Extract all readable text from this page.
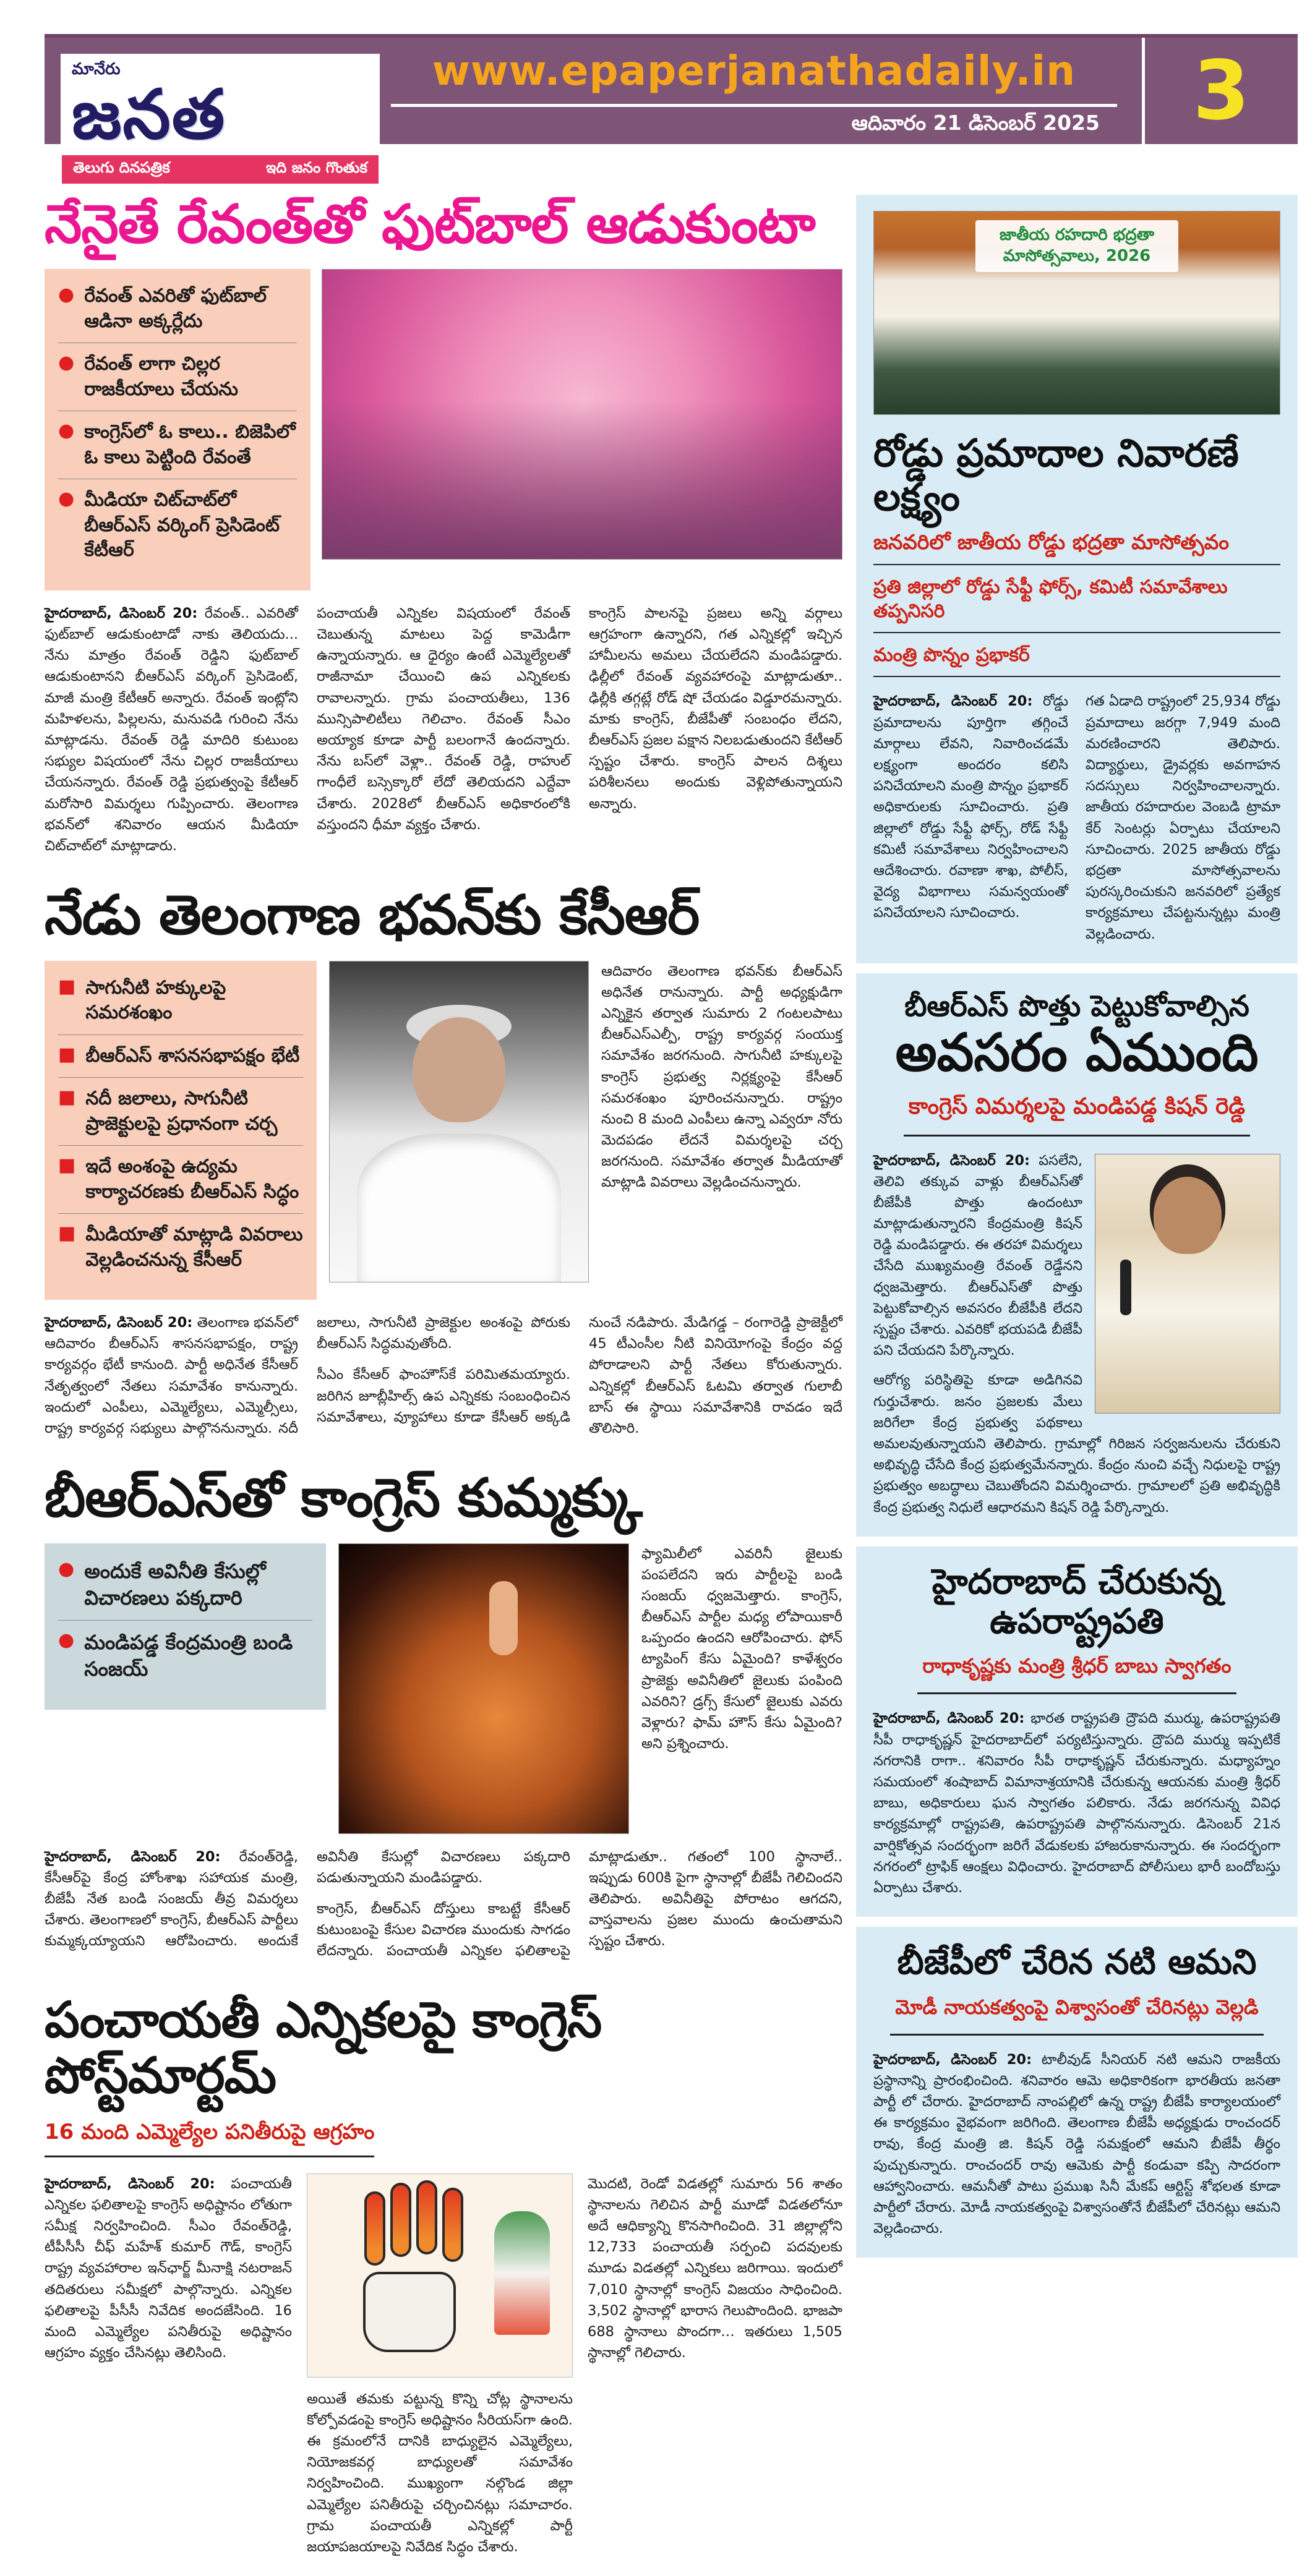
మానేరు
జనత
తెలుగు దినపత్రిక	ఇది జనం గొంతుక
www.epaperjanathadaily.in
ఆదివారం 21 డిసెంబర్ 2025 3
నేనైతే రేవంత్‌తో ఫుట్‌బాల్ ఆడుకుంటా
● రేవంత్ ఎవరితో ఫుట్‌బాల్ ఆడినా అక్కర్లేదు
● రేవంత్ లాగా చిల్లర రాజకీయాలు చేయను
● కాంగ్రెస్‌లో ఓ కాలు.. బిజెపిలో ఓ కాలు పెట్టింది రేవంతే
● మీడియా చిట్‌చాట్‌లో బీఆర్‌ఎస్ వర్కింగ్ ప్రెసిడెంట్ కేటీఆర్

హైదరాబాద్, డిసెంబర్ 20: రేవంత్.. ఎవరితో ఫుట్‌బాల్ ఆడుకుంటాడో నాకు తెలియదు... నేను మాత్రం రేవంత్ రెడ్డిని ఫుట్‌బాల్ ఆడుకుంటానని బీఆర్‌ఎస్ వర్కింగ్ ప్రెసిడెంట్, మాజీ మంత్రి కేటీఆర్ అన్నారు. రేవంత్ ఇంట్లోని మహిళలను, పిల్లలను, మనువడి గురించి నేను మాట్లాడను. రేవంత్ రెడ్డి మాదిరి కుటుంబ సభ్యుల విషయంలో నేను చిల్లర రాజకీయాలు చేయనన్నారు. రేవంత్ రెడ్డి ప్రభుత్వంపై కేటీఆర్ మరోసారి విమర్శలు గుప్పించారు. తెలంగాణ భవన్‌లో శనివారం ఆయన మీడియా చిట్‌చాట్‌లో మాట్లాడారు.

పంచాయతీ ఎన్నికల విషయంలో రేవంత్ చెబుతున్న మాటలు పెద్ద కామెడీగా ఉన్నాయన్నారు. ఆ ధైర్యం ఉంటే ఎమ్మెల్యేలతో రాజీనామా చేయించి ఉప ఎన్నికలకు రావాలన్నారు. గ్రామ పంచాయతీలు, 136 మున్సిపాలిటీలు గెలిచాం. రేవంత్ సీఎం అయ్యాక కూడా పార్టీ బలంగానే ఉందన్నారు. నేను బస్‌లో వెళ్లా.. రేవంత్ రెడ్డి, రాహుల్ గాంధీలే బస్సెక్కారో లేదో తెలియదని ఎద్దేవా చేశారు. 2028లో బీఆర్‌ఎస్ అధికారంలోకి వస్తుందని ధీమా వ్యక్తం చేశారు.

కాంగ్రెస్ పాలనపై ప్రజలు అన్ని వర్గాలు ఆగ్రహంగా ఉన్నారని, గత ఎన్నికల్లో ఇచ్చిన హామీలను అమలు చేయలేదని మండిపడ్డారు. ఢిల్లీలో రేవంత్ వ్యవహారంపై మాట్లాడుతూ.. ఢిల్లీకి తగ్గట్లే రోడ్ షో చేయడం విడ్డూరమన్నారు. మాకు కాంగ్రెస్, బీజేపీతో సంబంధం లేదని, బీఆర్‌ఎస్ ప్రజల పక్షాన నిలబడుతుందని కేటీఆర్ స్పష్టం చేశారు. కాంగ్రెస్ పాలన దిశ్శలు పరిశీలనలు అందుకు వెళ్లిపోతున్నాయని అన్నారు.

నేడు తెలంగాణ భవన్‌కు కేసీఆర్
■ సాగునీటి హక్కులపై సమరశంఖం
■ బీఆర్‌ఎస్ శాసనసభాపక్షం భేటీ
■ నదీ జలాలు, సాగునీటి ప్రాజెక్టులపై ప్రధానంగా చర్చ
■ ఇదే అంశంపై ఉద్యమ కార్యాచరణకు బీఆర్‌ఎస్ సిద్ధం
■ మీడియాతో మాట్లాడి వివరాలు వెల్లడించనున్న కేసీఆర్

ఆదివారం తెలంగాణ భవన్‌కు బీఆర్‌ఎస్ అధినేత రానున్నారు. పార్టీ అధ్యక్షుడిగా ఎన్నికైన తర్వాత సుమారు 2 గంటలపాటు బీఆర్‌ఎస్ఎల్పీ, రాష్ట్ర కార్యవర్గ సంయుక్త సమావేశం జరగనుంది. సాగునీటి హక్కులపై కాంగ్రెస్ ప్రభుత్వ నిర్లక్ష్యంపై కేసీఆర్ సమరశంఖం పూరించనున్నారు. రాష్ట్రం నుంచి 8 మంది ఎంపీలు ఉన్నా ఎవ్వరూ నోరు మెదపడం లేదనే విమర్శలపై చర్చ జరగనుంది. సమావేశం తర్వాత మీడియాతో మాట్లాడి వివరాలు వెల్లడించనున్నారు.

హైదరాబాద్, డిసెంబర్ 20: తెలంగాణ భవన్‌లో ఆదివారం బీఆర్‌ఎస్ శాసనసభాపక్షం, రాష్ట్ర కార్యవర్గం భేటీ కానుంది. పార్టీ అధినేత కేసీఆర్ నేతృత్వంలో నేతలు సమావేశం కానున్నారు. ఇందులో ఎంపీలు, ఎమ్మెల్యేలు, ఎమ్మెల్సీలు, రాష్ట్ర కార్యవర్గ సభ్యులు పాల్గొననున్నారు. నదీ జలాలు, సాగునీటి ప్రాజెక్టుల అంశంపై పోరుకు బీఆర్‌ఎస్ సిద్ధమవుతోంది.

సీఎం కేసీఆర్ ఫాంహౌస్‌కే పరిమితమయ్యారు. జరిగిన జూబ్లీహిల్స్ ఉప ఎన్నికకు సంబంధించిన సమావేశాలు, వ్యూహాలు కూడా కేసీఆర్ అక్కడి నుంచే నడిపారు. మేడిగడ్డ – రంగారెడ్డి ప్రాజెక్టీలో 45 టీఎంసీల నీటి వినియోగంపై కేంద్రం వద్ద పోరాడాలని పార్టీ నేతలు కోరుతున్నారు. ఎన్నికల్లో బీఆర్‌ఎస్ ఓటమి తర్వాత గులాబీ బాస్ ఈ స్థాయి సమావేశానికి రావడం ఇదే తొలిసారి.

బీఆర్‌ఎస్‌తో కాంగ్రెస్ కుమ్మక్కు
● అందుకే అవినీతి కేసుల్లో విచారణలు పక్కదారి
● మండిపడ్డ కేంద్రమంత్రి బండి సంజయ్

ఫ్యామిలీలో ఎవరినీ జైలుకు పంపలేదని ఇరు పార్టీలపై బండి సంజయ్ ధ్వజమెత్తారు. కాంగ్రెస్, బీఆర్‌ఎస్ పార్టీల మధ్య లోపాయికారీ ఒప్పందం ఉందని ఆరోపించారు. ఫోన్ ట్యాపింగ్ కేసు ఏమైంది? కాళేశ్వరం ప్రాజెక్టు అవినీతిలో జైలుకు పంపింది ఎవరిని? డ్రగ్స్ కేసులో జైలుకు ఎవరు వెళ్లారు? ఫామ్ హౌస్ కేసు ఏమైంది? అని ప్రశ్నించారు.

హైదరాబాద్, డిసెంబర్ 20: రేవంత్‌రెడ్డి, కేసీఆర్‌పై కేంద్ర హోంశాఖ సహాయక మంత్రి, బీజేపీ నేత బండి సంజయ్ తీవ్ర విమర్శలు చేశారు. తెలంగాణలో కాంగ్రెస్, బీఆర్‌ఎస్ పార్టీలు కుమ్మక్కయ్యాయని ఆరోపించారు. అందుకే అవినీతి కేసుల్లో విచారణలు పక్కదారి పడుతున్నాయని మండిపడ్డారు.

కాంగ్రెస్, బీఆర్‌ఎస్ దోస్తులు కాబట్టే కేసీఆర్ కుటుంబంపై కేసుల విచారణ ముందుకు సాగడం లేదన్నారు. పంచాయతీ ఎన్నికల ఫలితాలపై మాట్లాడుతూ.. గతంలో 100 స్థానాలే.. ఇప్పుడు 600కి పైగా స్థానాల్లో బీజేపీ గెలిచిందని తెలిపారు. అవినీతిపై పోరాటం ఆగదని, వాస్తవాలను ప్రజల ముందు ఉంచుతామని స్పష్టం చేశారు.

పంచాయతీ ఎన్నికలపై కాంగ్రెస్ పోస్ట్‌మార్టమ్
16 మంది ఎమ్మెల్యేల పనితీరుపై ఆగ్రహం

హైదరాబాద్, డిసెంబర్ 20: పంచాయతీ ఎన్నికల ఫలితాలపై కాంగ్రెస్ అధిష్టానం లోతుగా సమీక్ష నిర్వహించింది. సీఎం రేవంత్‌రెడ్డి, టీపీసీసీ చీఫ్ మహేశ్ కుమార్ గౌడ్, కాంగ్రెస్ రాష్ట్ర వ్యవహారాల ఇన్‌ఛార్జ్ మీనాక్షి నటరాజన్ తదితరులు సమీక్షలో పాల్గొన్నారు. ఎన్నికల ఫలితాలపై పీసీసీ నివేదిక అందజేసింది. 16 మంది ఎమ్మెల్యేల పనితీరుపై అధిష్టానం ఆగ్రహం వ్యక్తం చేసినట్లు తెలిసింది.

అయితే తమకు పట్టున్న కొన్ని చోట్ల స్థానాలను కోల్పోవడంపై కాంగ్రెస్ అధిష్టానం సీరియస్‌గా ఉంది. ఈ క్రమంలోనే దానికి బాధ్యులైన ఎమ్మెల్యేలు, నియోజకవర్గ బాధ్యులతో సమావేశం నిర్వహించింది. ముఖ్యంగా నల్గొండ జిల్లా ఎమ్మెల్యేల పనితీరుపై చర్చించినట్లు సమాచారం. గ్రామ పంచాయతీ ఎన్నికల్లో పార్టీ జయాపజయాలపై నివేదిక సిద్ధం చేశారు.

మొదటి, రెండో విడతల్లో సుమారు 56 శాతం స్థానాలను గెలిచిన పార్టీ మూడో విడతలోనూ అదే ఆధిక్యాన్ని కొనసాగించింది. 31 జిల్లాల్లోని 12,733 పంచాయతీ సర్పంచి పదవులకు మూడు విడతల్లో ఎన్నికలు జరిగాయి. ఇందులో 7,010 స్థానాల్లో కాంగ్రెస్ విజయం సాధించింది. 3,502 స్థానాల్లో భారాస గెలుపొందింది. భాజపా 688 స్థానాలు పొందగా… ఇతరులు 1,505 స్థానాల్లో గెలిచారు.

జాతీయ రహదారి భద్రతా మాసోత్సవాలు, 2026
రోడ్డు ప్రమాదాల నివారణే లక్ష్యం
జనవరిలో జాతీయ రోడ్డు భద్రతా మాసోత్సవం
ప్రతి జిల్లాలో రోడ్డు సేఫ్టీ ఫోర్స్, కమిటీ సమావేశాలు తప్పనిసరి
మంత్రి పొన్నం ప్రభాకర్

హైదరాబాద్, డిసెంబర్ 20: రోడ్డు ప్రమాదాలను పూర్తిగా తగ్గించే మార్గాలు లేవని, నివారించడమే లక్ష్యంగా అందరం కలిసి పనిచేయాలని మంత్రి పొన్నం ప్రభాకర్ అధికారులకు సూచించారు. ప్రతి జిల్లాలో రోడ్డు సేఫ్టీ ఫోర్స్, రోడ్ సేఫ్టీ కమిటీ సమావేశాలు నిర్వహించాలని ఆదేశించారు. రవాణా శాఖ, పోలీస్, వైద్య విభాగాలు సమన్వయంతో పనిచేయాలని సూచించారు.

గత ఏడాది రాష్ట్రంలో 25,934 రోడ్డు ప్రమాదాలు జరగ్గా 7,949 మంది మరణించారని తెలిపారు. విద్యార్థులు, డ్రైవర్లకు అవగాహన సదస్సులు నిర్వహించాలన్నారు. జాతీయ రహదారుల వెంబడి ట్రామా కేర్ సెంటర్లు ఏర్పాటు చేయాలని సూచించారు. 2025 జాతీయ రోడ్డు భద్రతా మాసోత్సవాలను పురస్కరించుకుని జనవరిలో ప్రత్యేక కార్యక్రమాలు చేపట్టనున్నట్లు మంత్రి వెల్లడించారు.

బీఆర్‌ఎస్ పొత్తు పెట్టుకోవాల్సిన
అవసరం ఏముంది
కాంగ్రెస్ విమర్శలపై మండిపడ్డ కిషన్ రెడ్డి

హైదరాబాద్, డిసెంబర్ 20: పసలేని, తెలివి తక్కువ వాళ్లు బీఆర్‌ఎస్‌తో బీజేపీకి పొత్తు ఉందంటూ మాట్లాడుతున్నారని కేంద్రమంత్రి కిషన్ రెడ్డి మండిపడ్డారు. ఈ తరహా విమర్శలు చేసేది ముఖ్యమంత్రి రేవంత్ రెడ్డేనని ధ్వజమెత్తారు. బీఆర్‌ఎస్‌తో పొత్తు పెట్టుకోవాల్సిన అవసరం బీజేపీకి లేదని స్పష్టం చేశారు. ఎవరికో భయపడి బీజేపీ పని చేయదని పేర్కొన్నారు.

ఆరోగ్య పరిస్థితిపై కూడా అడిగినవి గుర్తుచేశారు. జనం ప్రజలకు మేలు జరిగేలా కేంద్ర ప్రభుత్వ పథకాలు అమలవుతున్నాయని తెలిపారు. గ్రామాల్లో గిరిజన సర్వజనులను చేరుకుని అభివృద్ధి చేసేది కేంద్ర ప్రభుత్వమేనన్నారు. కేంద్రం నుంచి వచ్చే నిధులపై రాష్ట్ర ప్రభుత్వం అబద్ధాలు చెబుతోందని విమర్శించారు. గ్రామాలలో ప్రతి అభివృద్ధికి కేంద్ర ప్రభుత్వ నిధులే ఆధారమని కిషన్ రెడ్డి పేర్కొన్నారు.

హైదరాబాద్ చేరుకున్న ఉపరాష్ట్రపతి
రాధాకృష్ణకు మంత్రి శ్రీధర్ బాబు స్వాగతం

హైదరాబాద్, డిసెంబర్ 20: భారత రాష్ట్రపతి ద్రౌపది ముర్ము, ఉపరాష్ట్రపతి సీపీ రాధాకృష్ణన్ హైదరాబాద్‌లో పర్యటిస్తున్నారు. ద్రౌపది ముర్ము ఇప్పటికే నగరానికి రాగా.. శనివారం సీపీ రాధాకృష్ణన్ చేరుకున్నారు. మధ్యాహ్నం సమయంలో శంషాబాద్ విమానాశ్రయానికి చేరుకున్న ఆయనకు మంత్రి శ్రీధర్ బాబు, అధికారులు ఘన స్వాగతం పలికారు. నేడు జరగనున్న వివిధ కార్యక్రమాల్లో రాష్ట్రపతి, ఉపరాష్ట్రపతి పాల్గొననున్నారు. డిసెంబర్ 21న వార్షికోత్సవ సందర్భంగా జరిగే వేడుకలకు హాజరుకానున్నారు. ఈ సందర్భంగా నగరంలో ట్రాఫిక్ ఆంక్షలు విధించారు. హైదరాబాద్ పోలీసులు భారీ బందోబస్తు ఏర్పాటు చేశారు.

బీజేపీలో చేరిన నటి ఆమని
మోడీ నాయకత్వంపై విశ్వాసంతో చేరినట్లు వెల్లడి

హైదరాబాద్, డిసెంబర్ 20: టాలీవుడ్ సీనియర్ నటి ఆమని రాజకీయ ప్రస్థానాన్ని ప్రారంభించింది. శనివారం ఆమె అధికారికంగా భారతీయ జనతా పార్టీ లో చేరారు. హైదరాబాద్ నాంపల్లిలో ఉన్న రాష్ట్ర బీజేపీ కార్యాలయంలో ఈ కార్యక్రమం వైభవంగా జరిగింది. తెలంగాణ బీజేపీ అధ్యక్షుడు రాంచందర్ రావు, కేంద్ర మంత్రి జి. కిషన్ రెడ్డి సమక్షంలో ఆమని బీజేపీ తీర్థం పుచ్చుకున్నారు. రాంచందర్ రావు ఆమెకు పార్టీ కండువా కప్పి సాదరంగా ఆహ్వానించారు. ఆమనీతో పాటు ప్రముఖ సినీ మేకప్ ఆర్టిస్ట్ శోభలత కూడా పార్టీలో చేరారు. మోడీ నాయకత్వంపై విశ్వాసంతోనే బీజేపీలో చేరినట్లు ఆమని వెల్లడించారు.
